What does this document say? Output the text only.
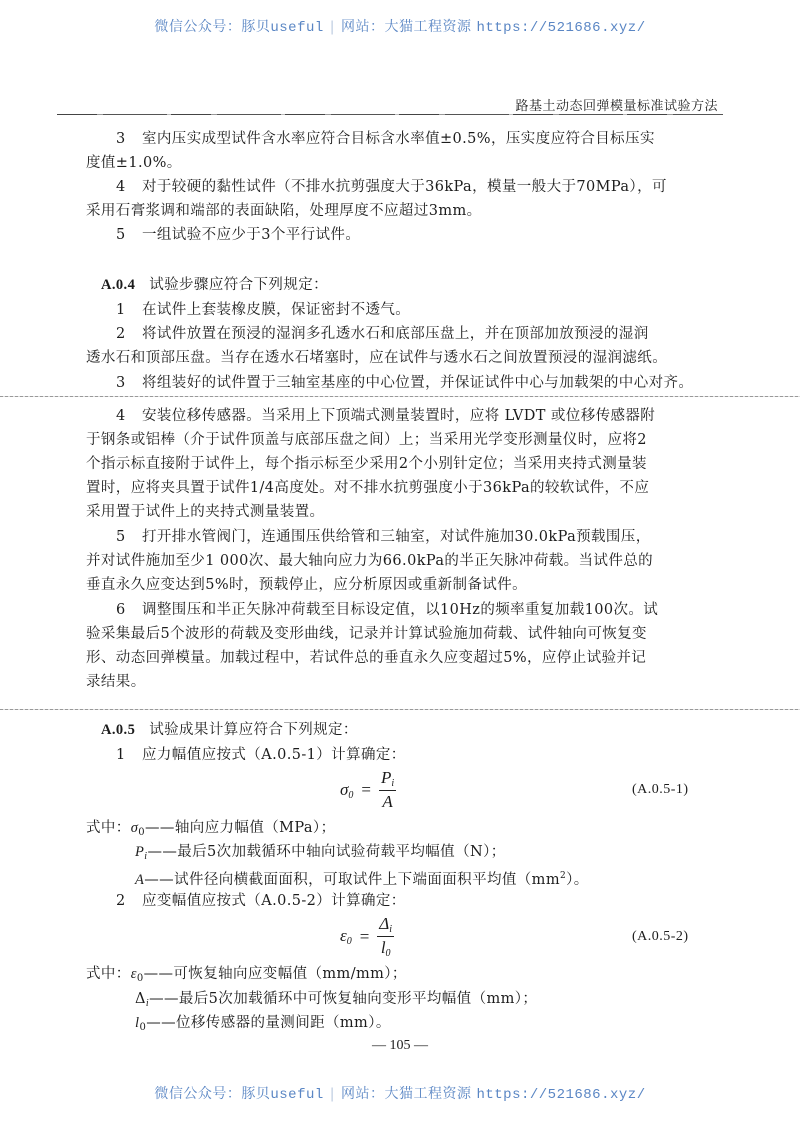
微信公众号：豚贝useful | 网站：大猫工程资源 https://521686.xyz/
路基土动态回弹模量标准试验方法
3 室内压实成型试件含水率应符合目标含水率值±0.5%，压实度应符合目标压实
度值±1.0%。
4 对于较硬的黏性试件（不排水抗剪强度大于36kPa，模量一般大于70MPa），可
采用石膏浆调和端部的表面缺陷，处理厚度不应超过3mm。
5 一组试验不应少于3个平行试件。
A.0.4 试验步骤应符合下列规定：
1 在试件上套装橡皮膜，保证密封不透气。
2 将试件放置在预浸的湿润多孔透水石和底部压盘上，并在顶部加放预浸的湿润
透水石和顶部压盘。当存在透水石堵塞时，应在试件与透水石之间放置预浸的湿润滤纸。
3 将组装好的试件置于三轴室基座的中心位置，并保证试件中心与加载架的中心对齐。
4 安装位移传感器。当采用上下顶端式测量装置时，应将 LVDT 或位移传感器附
于钢条或铝棒（介于试件顶盖与底部压盘之间）上；当采用光学变形测量仪时，应将2
个指示标直接附于试件上，每个指示标至少采用2个小别针定位；当采用夹持式测量装
置时，应将夹具置于试件1/4高度处。对不排水抗剪强度小于36kPa的较软试件，不应
采用置于试件上的夹持式测量装置。
5 打开排水管阀门，连通围压供给管和三轴室，对试件施加30.0kPa预载围压，
并对试件施加至少1 000次、最大轴向应力为66.0kPa的半正矢脉冲荷载。当试件总的
垂直永久应变达到5%时，预载停止，应分析原因或重新制备试件。
6 调整围压和半正矢脉冲荷载至目标设定值，以10Hz的频率重复加载100次。试
验采集最后5个波形的荷载及变形曲线，记录并计算试验施加荷载、试件轴向可恢复变
形、动态回弹模量。加载过程中，若试件总的垂直永久应变超过5%，应停止试验并记
录结果。
A.0.5 试验成果计算应符合下列规定：
1 应力幅值应按式（A.0.5-1）计算确定：
$\sigma_0 = \frac{P_i}{A}$	(A.0.5-1)
式中：$\sigma_0——$轴向应力幅值（MPa）；
$P_i——$最后5次加载循环中轴向试验荷载平均幅值（N）；
A——试件径向横截面面积，可取试件上下端面面积平均值$(mm^2)$。
2 应变幅值应按式（A.0.5-2）计算确定：
$\varepsilon_0 = \frac{\Delta_i}{l_0}$	(A.0.5-2)
式中：$\varepsilon_0——$可恢复轴向应变幅值（mm/mm）；
$\Delta_i——$最后5次加载循环中可恢复轴向变形平均幅值（mm）；
$l_0——$位移传感器的量测间距（mm）。
— 105 —
微信公众号：豚贝useful | 网站：大猫工程资源 https://521686.xyz/
